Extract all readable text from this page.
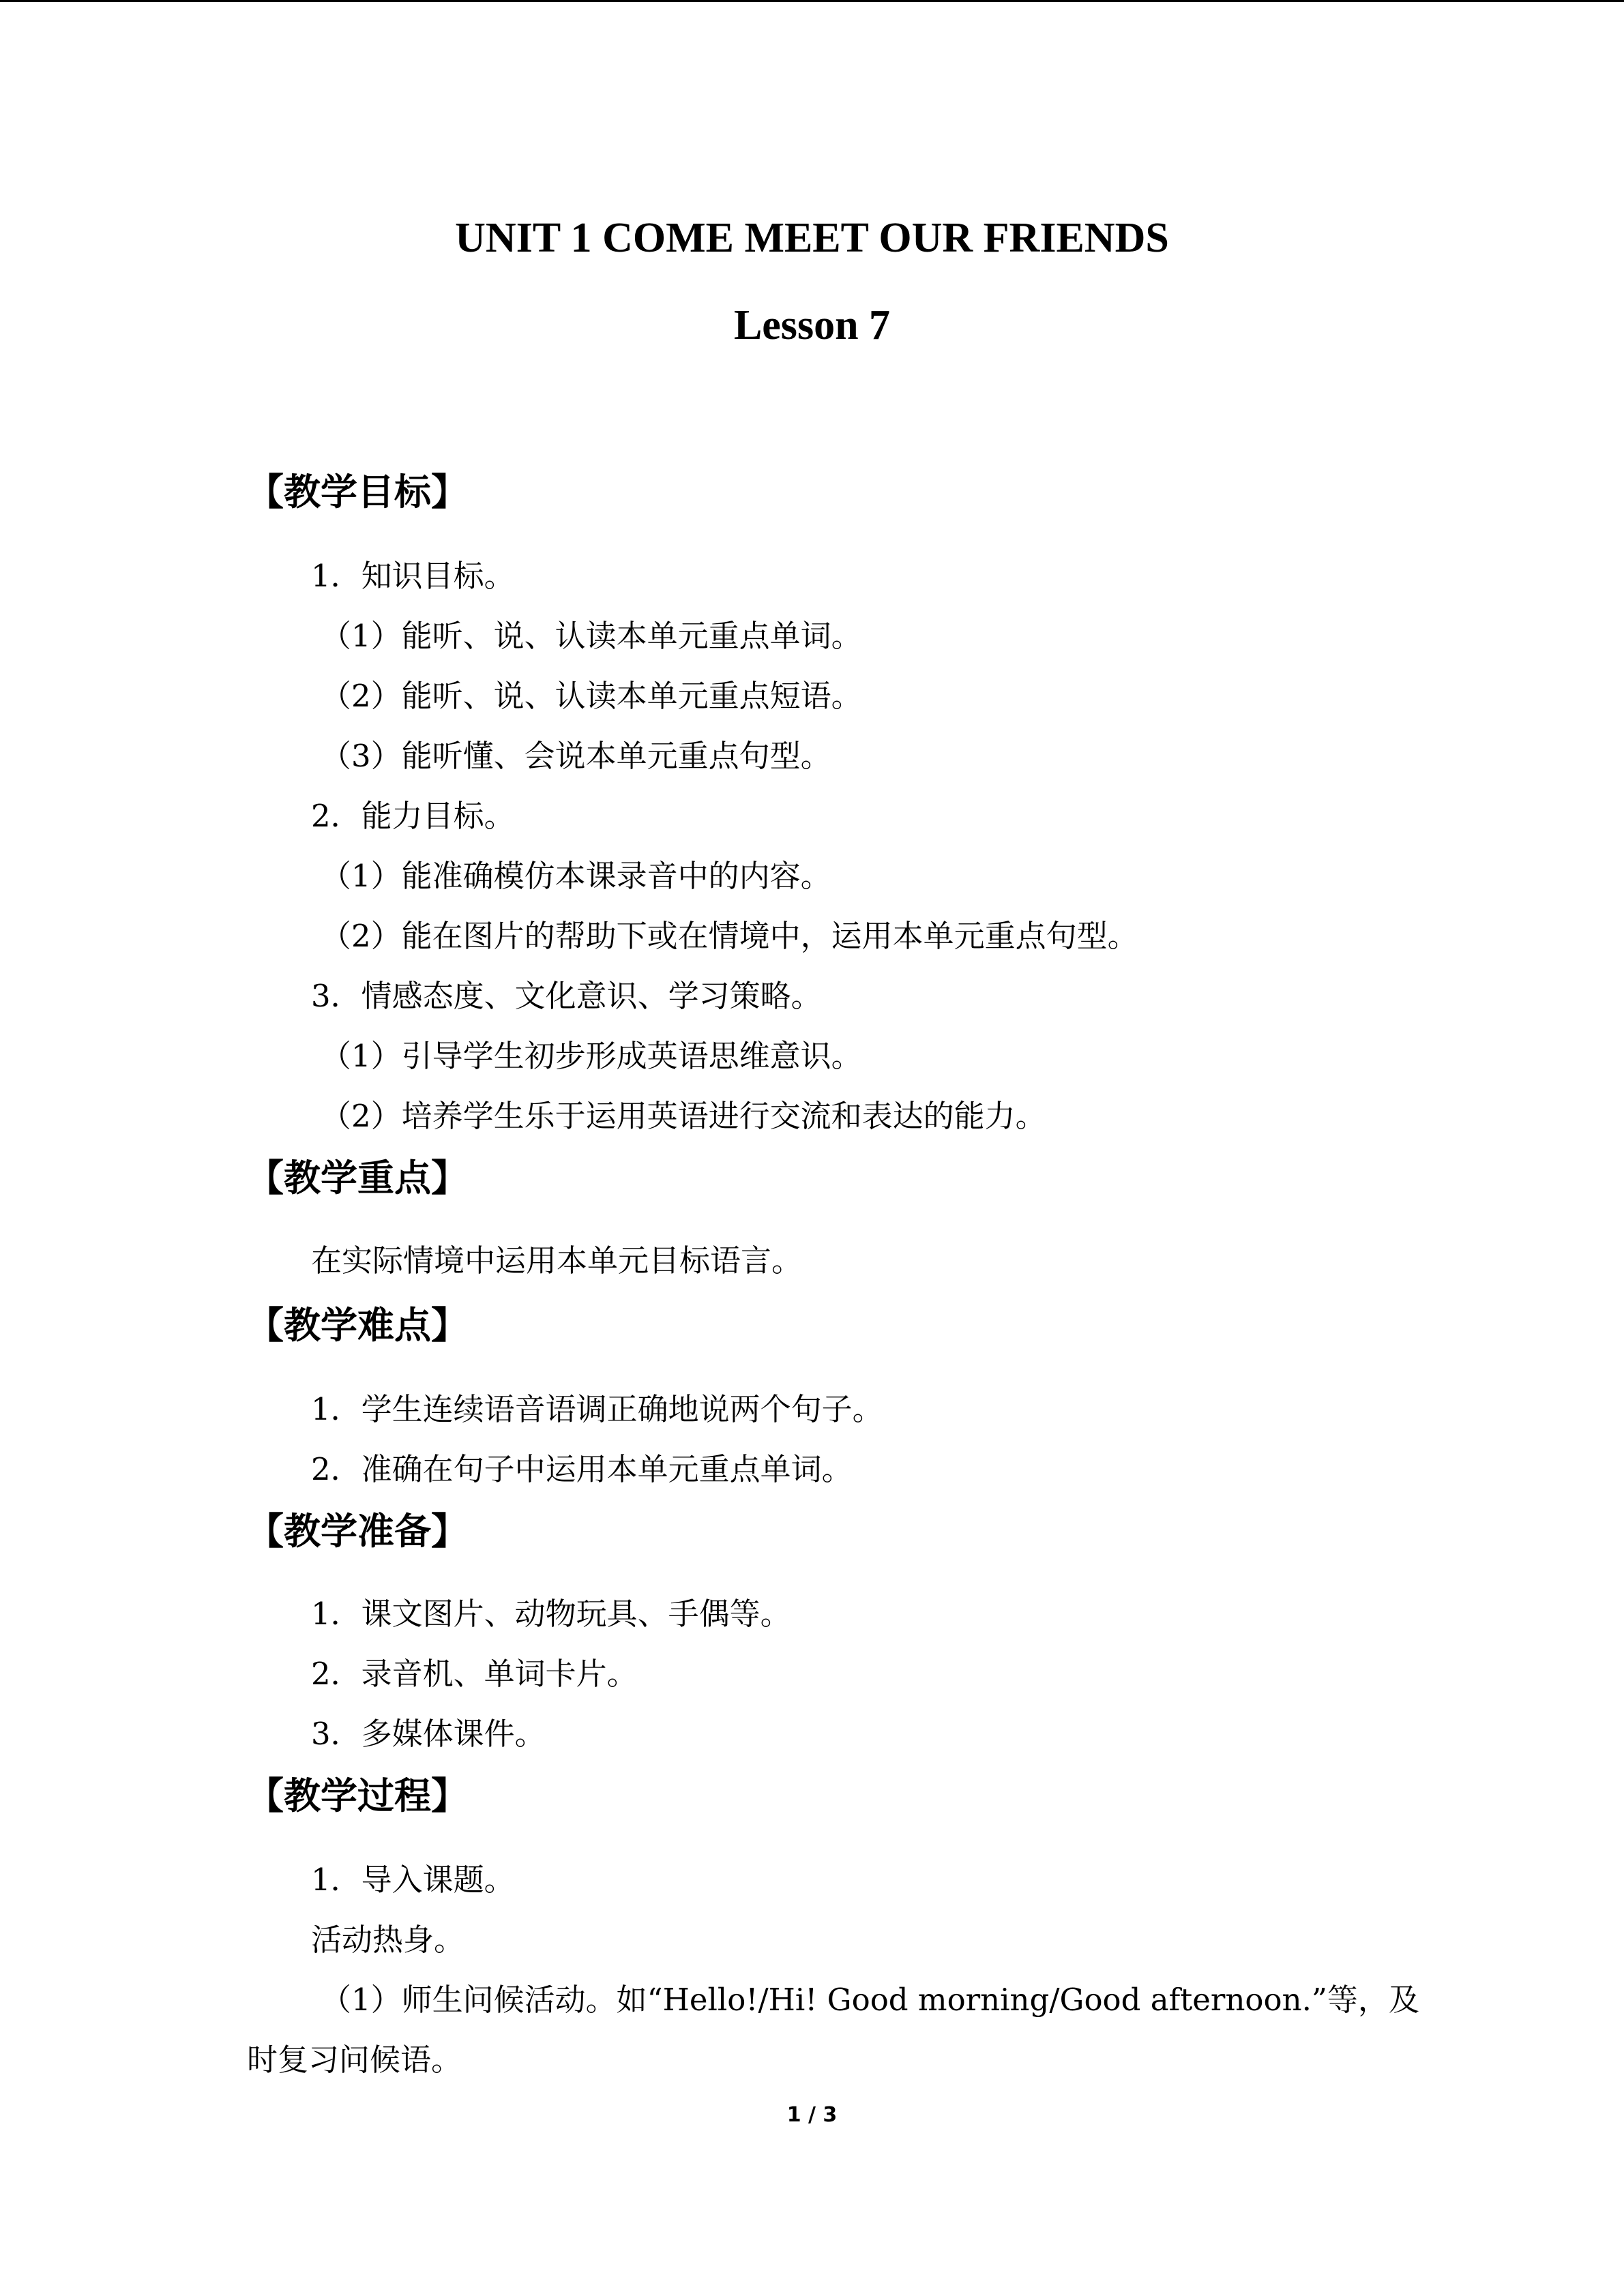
UNIT 1 COME MEET OUR FRIENDS
Lesson 7
【教学目标】
1．知识目标。
（1）能听、说、认读本单元重点单词。
（2）能听、说、认读本单元重点短语。
（3）能听懂、会说本单元重点句型。
2．能力目标。
（1）能准确模仿本课录音中的内容。
（2）能在图片的帮助下或在情境中，运用本单元重点句型。
3．情感态度、文化意识、学习策略。
（1）引导学生初步形成英语思维意识。
（2）培养学生乐于运用英语进行交流和表达的能力。
【教学重点】
在实际情境中运用本单元目标语言。
【教学难点】
1．学生连续语音语调正确地说两个句子。
2．准确在句子中运用本单元重点单词。
【教学准备】
1．课文图片、动物玩具、手偶等。
2．录音机、单词卡片。
3．多媒体课件。
【教学过程】
1．导入课题。
活动热身。
（1）师生问候活动。如“Hello!/Hi! Good morning/Good afternoon.”等，及
时复习问候语。
1 / 3
